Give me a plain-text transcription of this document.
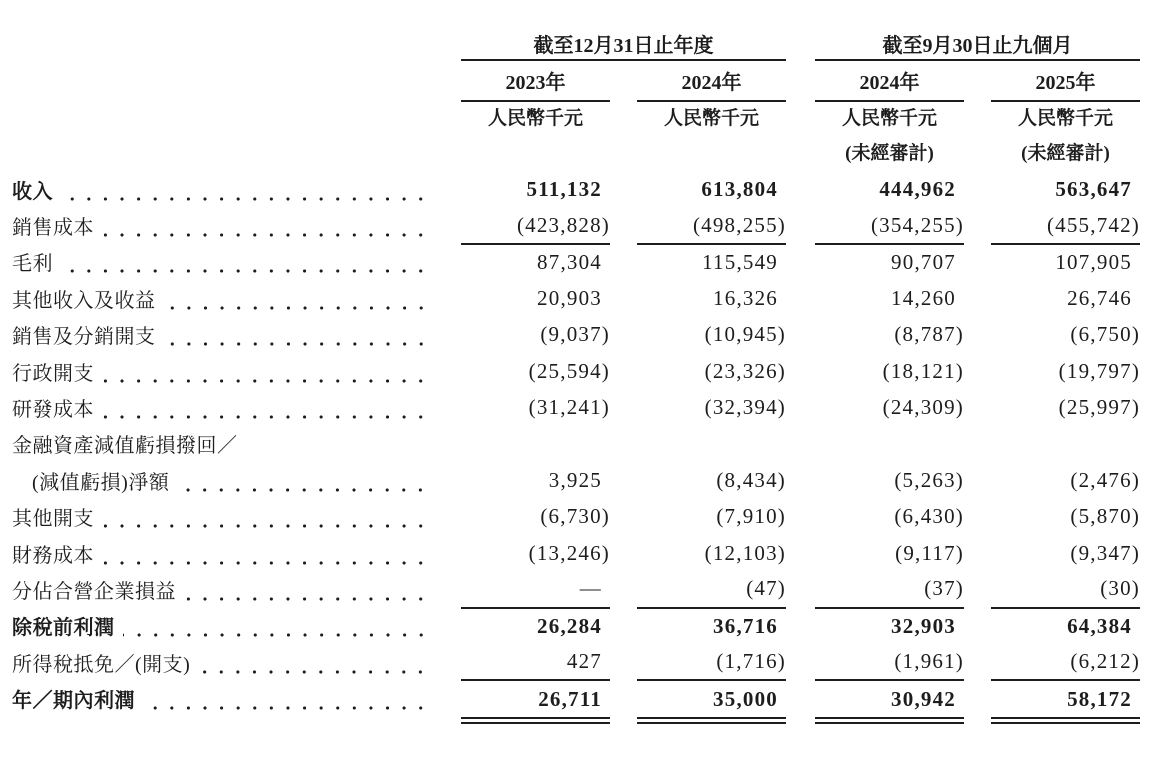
	截至12月31日止年度				截至9月30日止九個月			
	2023年		2024年		2024年		2025年	
	人民幣千元		人民幣千元		人民幣千元		人民幣千元	
					(未經審計)		(未經審計)	

收入	511,132		613,804		444,962		563,647	

銷售成本	(423,828)		(498,255)		(354,255)		(455,742)	

毛利	87,304		115,549		90,707		107,905	

其他收入及收益	20,903		16,326		14,260		26,746	

銷售及分銷開支	(9,037)		(10,945)		(8,787)		(6,750)	

行政開支	(25,594)		(23,326)		(18,121)		(19,797)	

研發成本	(31,241)		(32,394)		(24,309)		(25,997)	

金融資產減值虧損撥回／								

(減值虧損)淨額	3,925		(8,434)		(5,263)		(2,476)	

其他開支	(6,730)		(7,910)		(6,430)		(5,870)	

財務成本	(13,246)		(12,103)		(9,117)		(9,347)	

分佔合營企業損益	—		(47)		(37)		(30)	

除稅前利潤	26,284		36,716		32,903		64,384	

所得稅抵免／(開支)	427		(1,716)		(1,961)		(6,212)	

年／期內利潤	26,711		35,000		30,942		58,172	
